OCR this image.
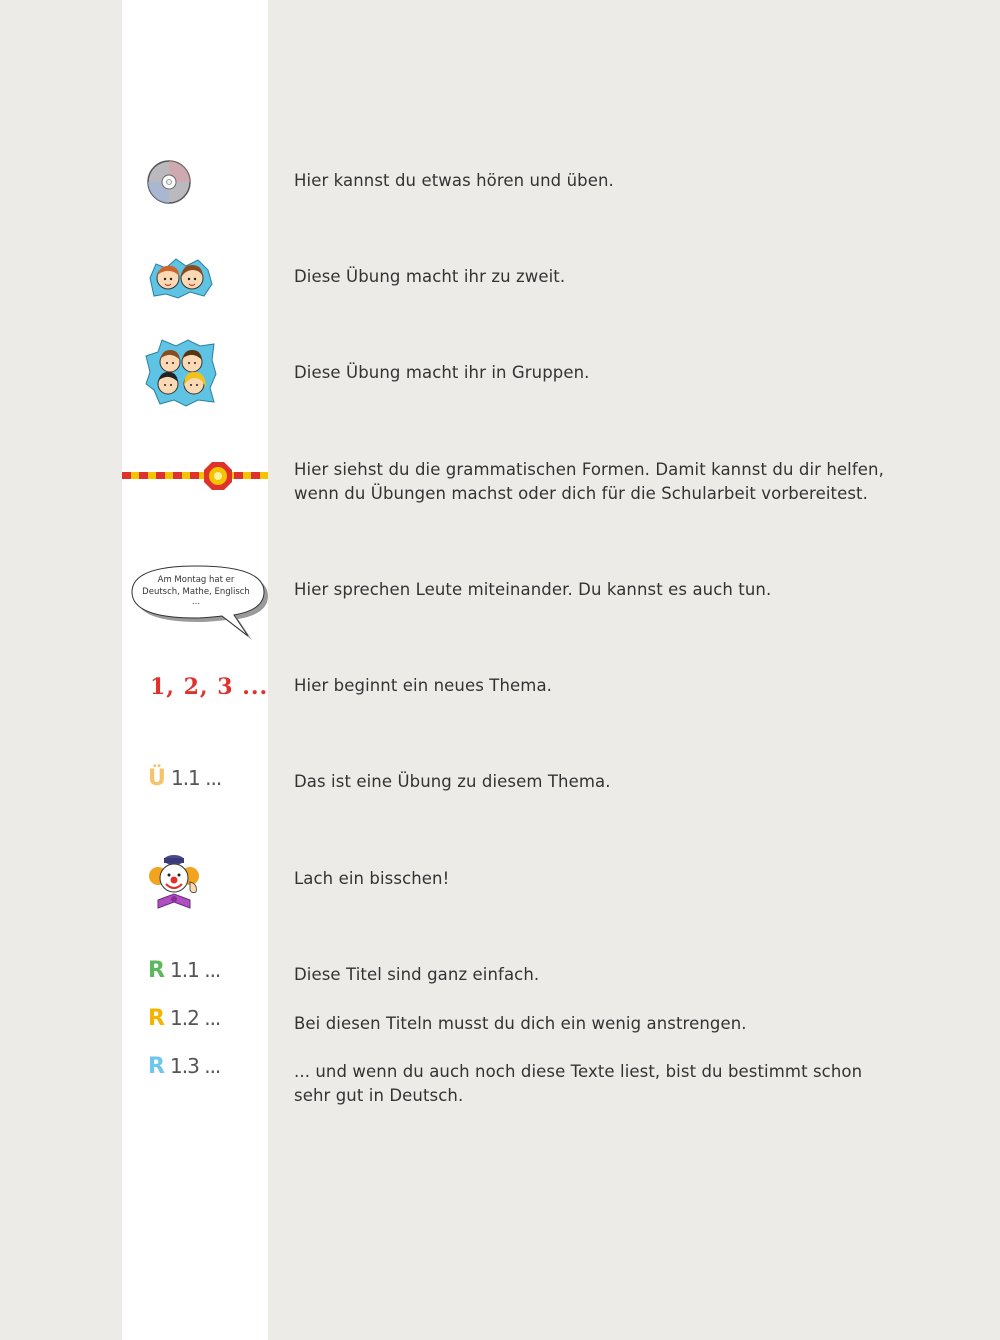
Hier kannst du etwas hören und üben.
Diese Übung macht ihr zu zweit.
Diese Übung macht ihr in Gruppen.
Hier siehst du die grammatischen Formen. Damit kannst du dir helfen,
wenn du Übungen machst oder dich für die Schularbeit vorbereitest.
Am Montag hat er
Deutsch, Mathe, Englisch
...
Hier sprechen Leute miteinander. Du kannst es auch tun.
1, 2, 3 ... Hier beginnt ein neues Thema.
Ü 1.1 ...	Das ist eine Übung zu diesem Thema.
Lach ein bisschen!
R 1.1 ...	Diese Titel sind ganz einfach.
R 1.2 ...	Bei diesen Titeln musst du dich ein wenig anstrengen.
R 1.3 ...	... und wenn du auch noch diese Texte liest, bist du bestimmt schon
sehr gut in Deutsch.
